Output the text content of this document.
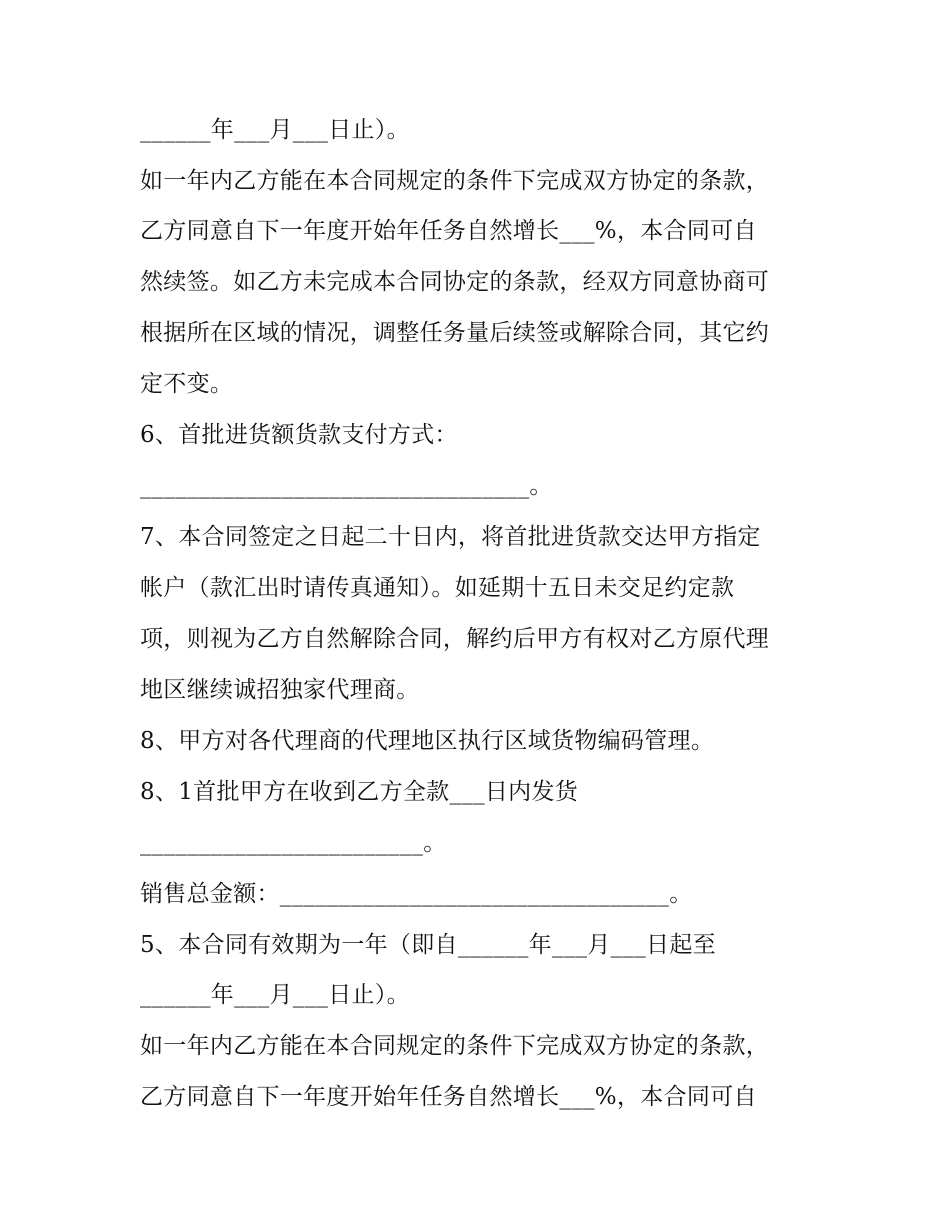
______年___月___日止）。
如一年内乙方能在本合同规定的条件下完成双方协定的条款，
乙方同意自下一年度开始年任务自然增长___%，本合同可自
然续签。如乙方未完成本合同协定的条款，经双方同意协商可
根据所在区域的情况，调整任务量后续签或解除合同，其它约
定不变。
6、首批进货额货款支付方式：
_________________________________。
7、本合同签定之日起二十日内，将首批进货款交达甲方指定
帐户（款汇出时请传真通知）。如延期十五日未交足约定款
项，则视为乙方自然解除合同，解约后甲方有权对乙方原代理
地区继续诚招独家代理商。
8、甲方对各代理商的代理地区执行区域货物编码管理。
8、1首批甲方在收到乙方全款___日内发货
________________________。
销售总金额：_________________________________。
5、本合同有效期为一年（即自______年___月___日起至
______年___月___日止）。
如一年内乙方能在本合同规定的条件下完成双方协定的条款，
乙方同意自下一年度开始年任务自然增长___%，本合同可自
